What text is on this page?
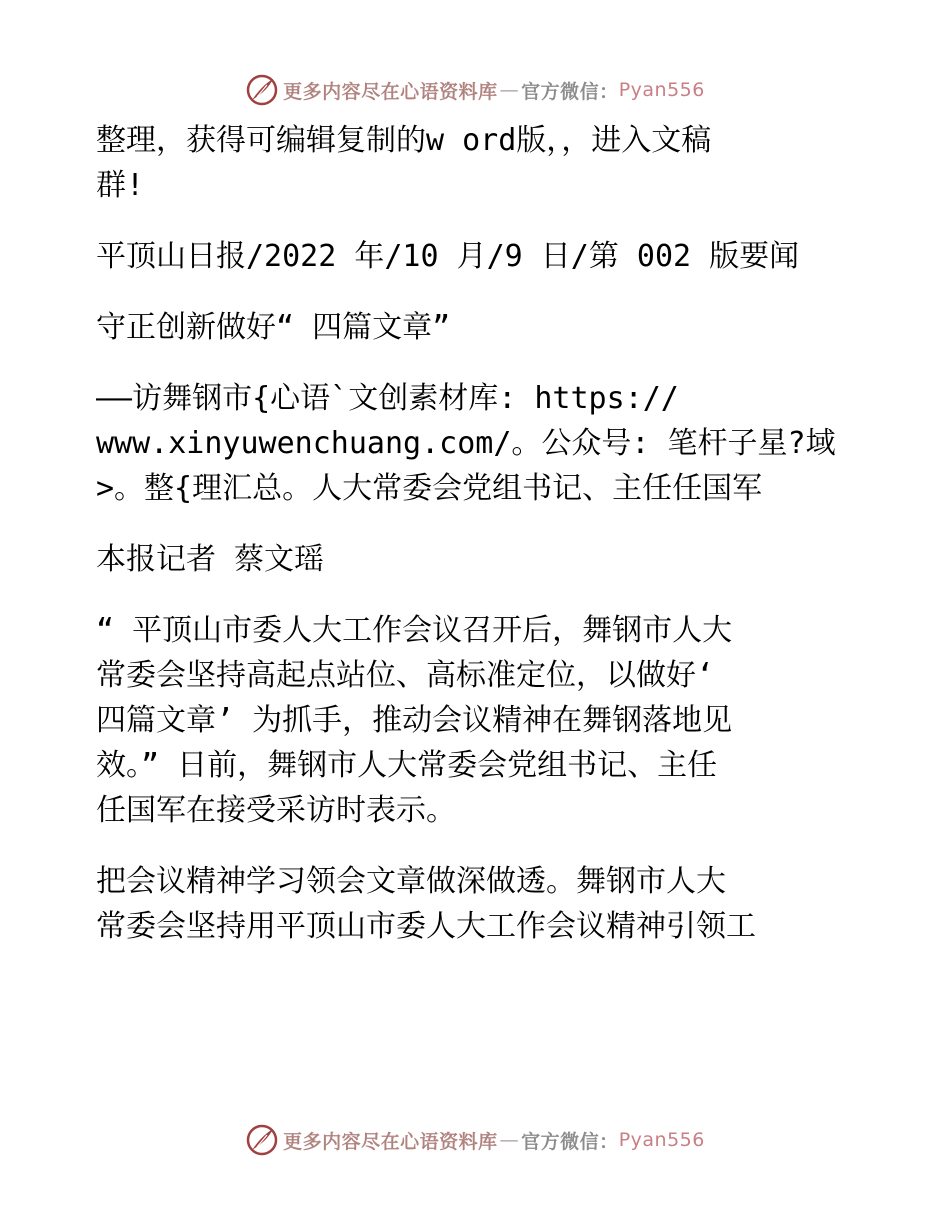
更多内容尽在心语资料库 — 官方微信： Pyan556
整理，获得可编辑复制的w ord版，，进入文稿
群!
平顶山日报/2022 年/10 月/9 日/第 002 版要闻
守正创新做好“ 四篇文章”
——访舞钢市{心语`文创素材库: https://
www.xinyuwenchuang.com/。公众号: 笔杆子星?域
>。整{理汇总。人大常委会党组书记、主任任国军
本报记者 蔡文瑶
“ 平顶山市委人大工作会议召开后，舞钢市人大
常委会坚持高起点站位、高标准定位，以做好‘
四篇文章’ 为抓手，推动会议精神在舞钢落地见
效。” 日前，舞钢市人大常委会党组书记、主任
任国军在接受采访时表示。
把会议精神学习领会文章做深做透。舞钢市人大
常委会坚持用平顶山市委人大工作会议精神引领工
更多内容尽在心语资料库 — 官方微信： Pyan556
